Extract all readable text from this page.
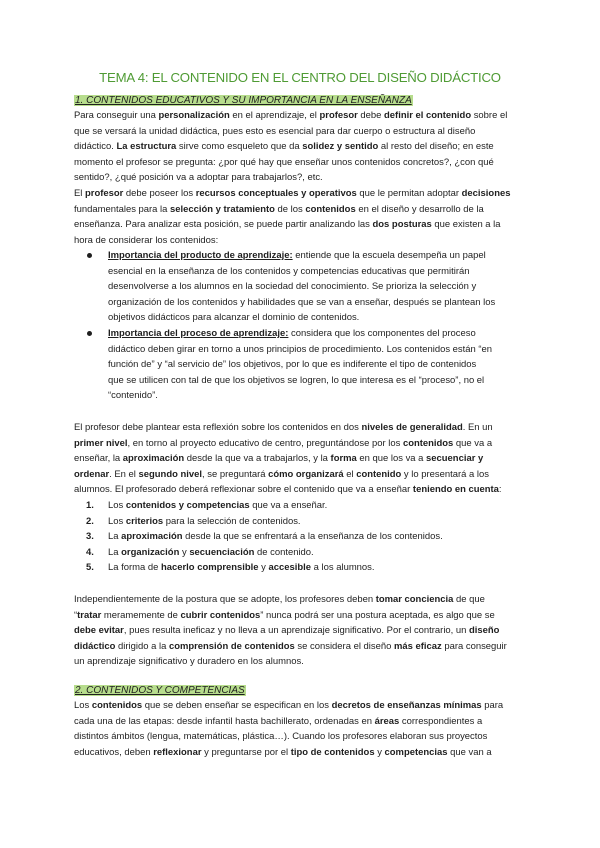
TEMA 4: EL CONTENIDO EN EL CENTRO DEL DISEÑO DIDÁCTICO
1. CONTENIDOS EDUCATIVOS Y SU IMPORTANCIA EN LA ENSEÑANZA
Para conseguir una personalización en el aprendizaje, el profesor debe definir el contenido sobre el
que se versará la unidad didáctica, pues esto es esencial para dar cuerpo o estructura al diseño
didáctico. La estructura sirve como esqueleto que da solidez y sentido al resto del diseño; en este
momento el profesor se pregunta: ¿por qué hay que enseñar unos contenidos concretos?, ¿con qué
sentido?, ¿qué posición va a adoptar para trabajarlos?, etc.
El profesor debe poseer los recursos conceptuales y operativos que le permitan adoptar decisiones
fundamentales para la selección y tratamiento de los contenidos en el diseño y desarrollo de la
enseñanza. Para analizar esta posición, se puede partir analizando las dos posturas que existen a la
hora de considerar los contenidos:
Importancia del producto de aprendizaje: entiende que la escuela desempeña un papel
esencial en la enseñanza de los contenidos y competencias educativas que permitirán
desenvolverse a los alumnos en la sociedad del conocimiento. Se prioriza la selección y
organización de los contenidos y habilidades que se van a enseñar, después se plantean los
objetivos didácticos para alcanzar el dominio de contenidos.
Importancia del proceso de aprendizaje: considera que los componentes del proceso
didáctico deben girar en torno a unos principios de procedimiento. Los contenidos están “en
función de” y “al servicio de” los objetivos, por lo que es indiferente el tipo de contenidos
que se utilicen con tal de que los objetivos se logren, lo que interesa es el “proceso”, no el
“contenido”.
El profesor debe plantear esta reflexión sobre los contenidos en dos niveles de generalidad. En un
primer nivel, en torno al proyecto educativo de centro, preguntándose por los contenidos que va a
enseñar, la aproximación desde la que va a trabajarlos, y la forma en que los va a secuenciar y
ordenar. En el segundo nivel, se preguntará cómo organizará el contenido y lo presentará a los
alumnos. El profesorado deberá reflexionar sobre el contenido que va a enseñar teniendo en cuenta:
1. Los contenidos y competencias que va a enseñar.
2. Los criterios para la selección de contenidos.
3. La aproximación desde la que se enfrentará a la enseñanza de los contenidos.
4. La organización y secuenciación de contenido.
5. La forma de hacerlo comprensible y accesible a los alumnos.
Independientemente de la postura que se adopte, los profesores deben tomar conciencia de que
“tratar meramemente de cubrir contenidos” nunca podrá ser una postura aceptada, es algo que se
debe evitar, pues resulta ineficaz y no lleva a un aprendizaje significativo. Por el contrario, un diseño
didáctico dirigido a la comprensión de contenidos se considera el diseño más eficaz para conseguir
un aprendizaje significativo y duradero en los alumnos.
2. CONTENIDOS Y COMPETENCIAS
Los contenidos que se deben enseñar se especifican en los decretos de enseñanzas mínimas para
cada una de las etapas: desde infantil hasta bachillerato, ordenadas en áreas correspondientes a
distintos ámbitos (lengua, matemáticas, plástica…). Cuando los profesores elaboran sus proyectos
educativos, deben reflexionar y preguntarse por el tipo de contenidos y competencias que van a
